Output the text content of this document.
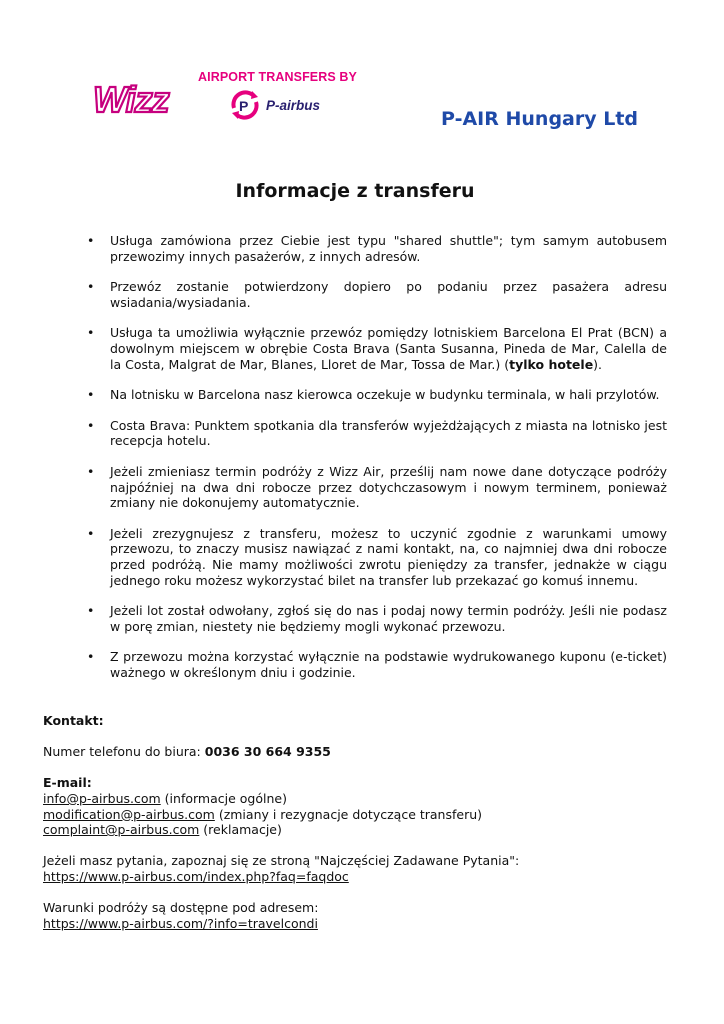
Wizz
AIRPORT TRANSFERS BY
P P-airbus
P-AIR Hungary Ltd
Informacje z transferu
• Usługa zamówiona przez Ciebie jest typu "shared shuttle"; tym samym autobusem przewozimy innych pasażerów, z innych adresów.
• Przewóz zostanie potwierdzony dopiero po podaniu przez pasażera adresu wsiadania/wysiadania.
• Usługa ta umożliwia wyłącznie przewóz pomiędzy lotniskiem Barcelona El Prat (BCN) a dowolnym miejscem w obrębie Costa Brava (Santa Susanna, Pineda de Mar, Calella de la Costa, Malgrat de Mar, Blanes, Lloret de Mar, Tossa de Mar.) (tylko hotele).
• Na lotnisku w Barcelona nasz kierowca oczekuje w budynku terminala, w hali przylotów.
• Costa Brava: Punktem spotkania dla transferów wyjeżdżających z miasta na lotnisko jest recepcja hotelu.
• Jeżeli zmieniasz termin podróży z Wizz Air, prześlij nam nowe dane dotyczące podróży najpóźniej na dwa dni robocze przez dotychczasowym i nowym terminem, ponieważ zmiany nie dokonujemy automatycznie.
• Jeżeli zrezygnujesz z transferu, możesz to uczynić zgodnie z warunkami umowy przewozu, to znaczy musisz nawiązać z nami kontakt, na, co najmniej dwa dni robocze przed podróżą. Nie mamy możliwości zwrotu pieniędzy za transfer, jednakże w ciągu jednego roku możesz wykorzystać bilet na transfer lub przekazać go komuś innemu.
• Jeżeli lot został odwołany, zgłoś się do nas i podaj nowy termin podróży. Jeśli nie podasz w porę zmian, niestety nie będziemy mogli wykonać przewozu.
• Z przewozu można korzystać wyłącznie na podstawie wydrukowanego kuponu (e-ticket) ważnego w określonym dniu i godzinie.
Kontakt:
Numer telefonu do biura: 0036 30 664 9355
E-mail:
info@p-airbus.com (informacje ogólne)
modification@p-airbus.com (zmiany i rezygnacje dotyczące transferu)
complaint@p-airbus.com (reklamacje)
Jeżeli masz pytania, zapoznaj się ze stroną "Najczęściej Zadawane Pytania":
https://www.p-airbus.com/index.php?faq=faqdoc
Warunki podróży są dostępne pod adresem:
https://www.p-airbus.com/?info=travelcondi
